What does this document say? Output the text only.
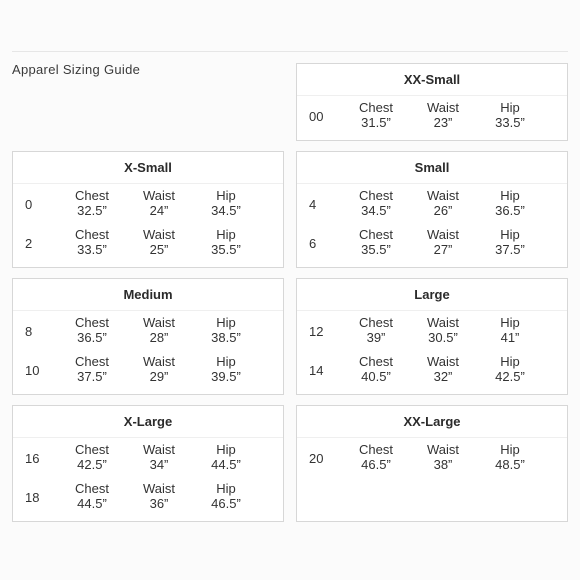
Apparel Sizing Guide
XX-Small
00
Chest
31.5”
Waist
23”
Hip
33.5”
X-Small
0
Chest
32.5”
Waist
24”
Hip
34.5”
2
Chest
33.5”
Waist
25”
Hip
35.5”
Small
4
Chest
34.5”
Waist
26”
Hip
36.5”
6
Chest
35.5”
Waist
27”
Hip
37.5”
Medium
8
Chest
36.5”
Waist
28”
Hip
38.5”
10
Chest
37.5”
Waist
29”
Hip
39.5”
Large
12
Chest
39”
Waist
30.5”
Hip
41”
14
Chest
40.5”
Waist
32”
Hip
42.5”
X-Large
16
Chest
42.5”
Waist
34”
Hip
44.5”
18
Chest
44.5”
Waist
36”
Hip
46.5”
XX-Large
20
Chest
46.5”
Waist
38”
Hip
48.5”
